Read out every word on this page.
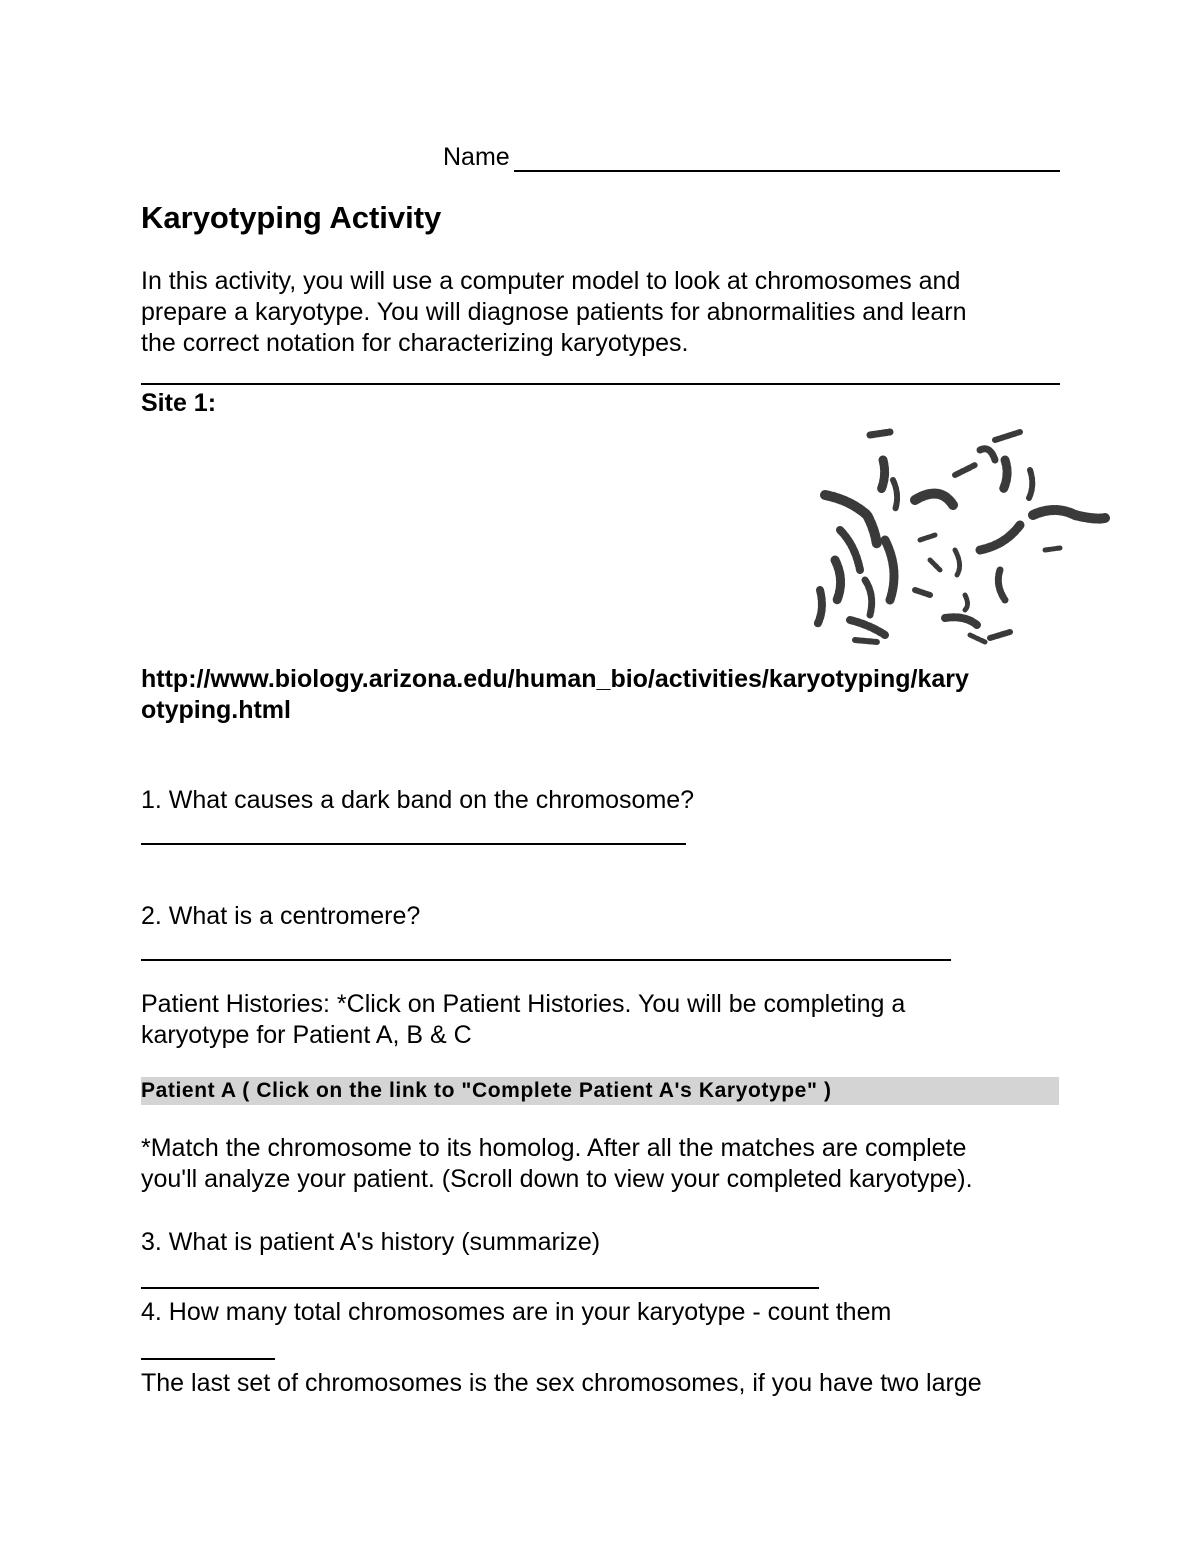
Name
Karyotyping Activity
In this activity, you will use a computer model to look at chromosomes and
prepare a karyotype. You will diagnose patients for abnormalities and learn
the correct notation for characterizing karyotypes.
Site 1:
http://www.biology.arizona.edu/human_bio/activities/karyotyping/kary
otyping.html
1. What causes a dark band on the chromosome?
2. What is a centromere?
Patient Histories: *Click on Patient Histories. You will be completing a
karyotype for Patient A, B & C
Patient A ( Click on the link to "Complete Patient A's Karyotype" )
*Match the chromosome to its homolog. After all the matches are complete
you'll analyze your patient. (Scroll down to view your completed karyotype).
3. What is patient A's history (summarize)
4. How many total chromosomes are in your karyotype - count them
The last set of chromosomes is the sex chromosomes, if you have two large
